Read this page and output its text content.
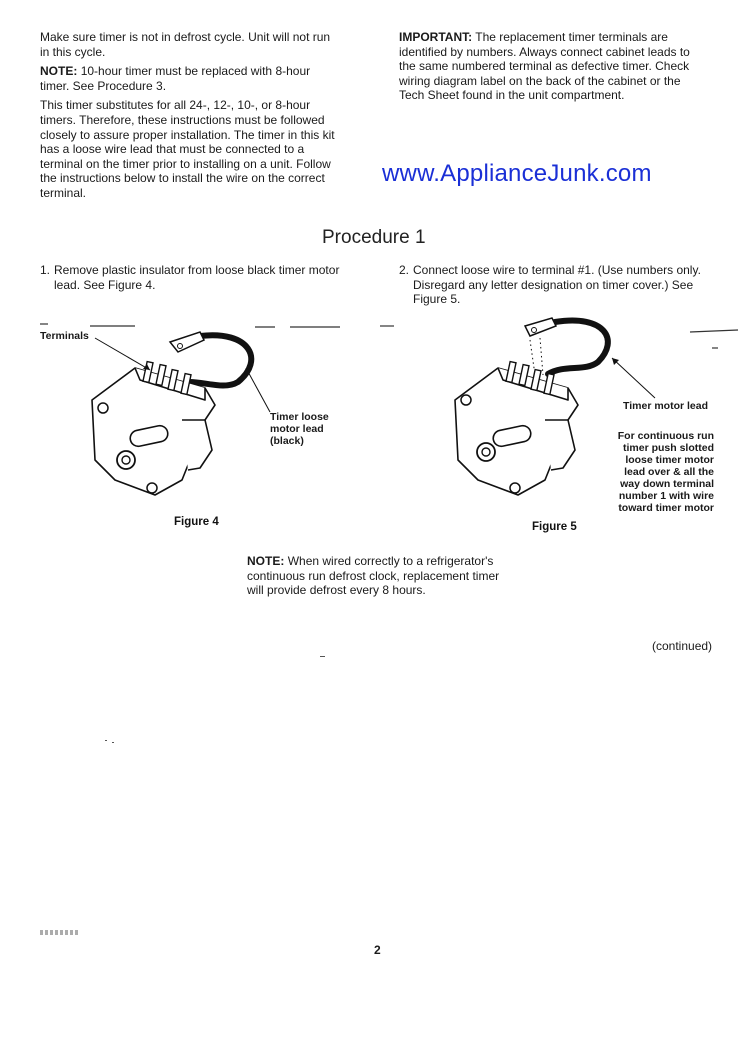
Make sure timer is not in defrost cycle. Unit will not run in this cycle.

NOTE: 10-hour timer must be replaced with 8-hour timer. See Procedure 3.

This timer substitutes for all 24-, 12-, 10-, or 8-hour timers. Therefore, these instructions must be followed closely to assure proper installation. The timer in this kit has a loose wire lead that must be connected to a terminal on the timer prior to installing on a unit. Follow the instructions below to install the wire on the correct terminal.

IMPORTANT: The replacement timer terminals are identified by numbers. Always connect cabinet leads to the same numbered terminal as defective timer. Check wiring diagram label on the back of the cabinet or the Tech Sheet found in the unit compartment.

www.ApplianceJunk.com
Procedure 1
1. Remove plastic insulator from loose black timer motor lead. See Figure 4.
2. Connect loose wire to terminal #1. (Use numbers only. Disregard any letter designation on timer cover.) See Figure 5.
Terminals
Timer loose motor lead (black)
Figure 4
Timer motor lead
For continuous run timer push slotted loose timer motor lead over & all the way down terminal number 1 with wire toward timer motor
Figure 5
NOTE: When wired correctly to a refrigerator's continuous run defrost clock, replacement timer will provide defrost every 8 hours.
(continued)
2
